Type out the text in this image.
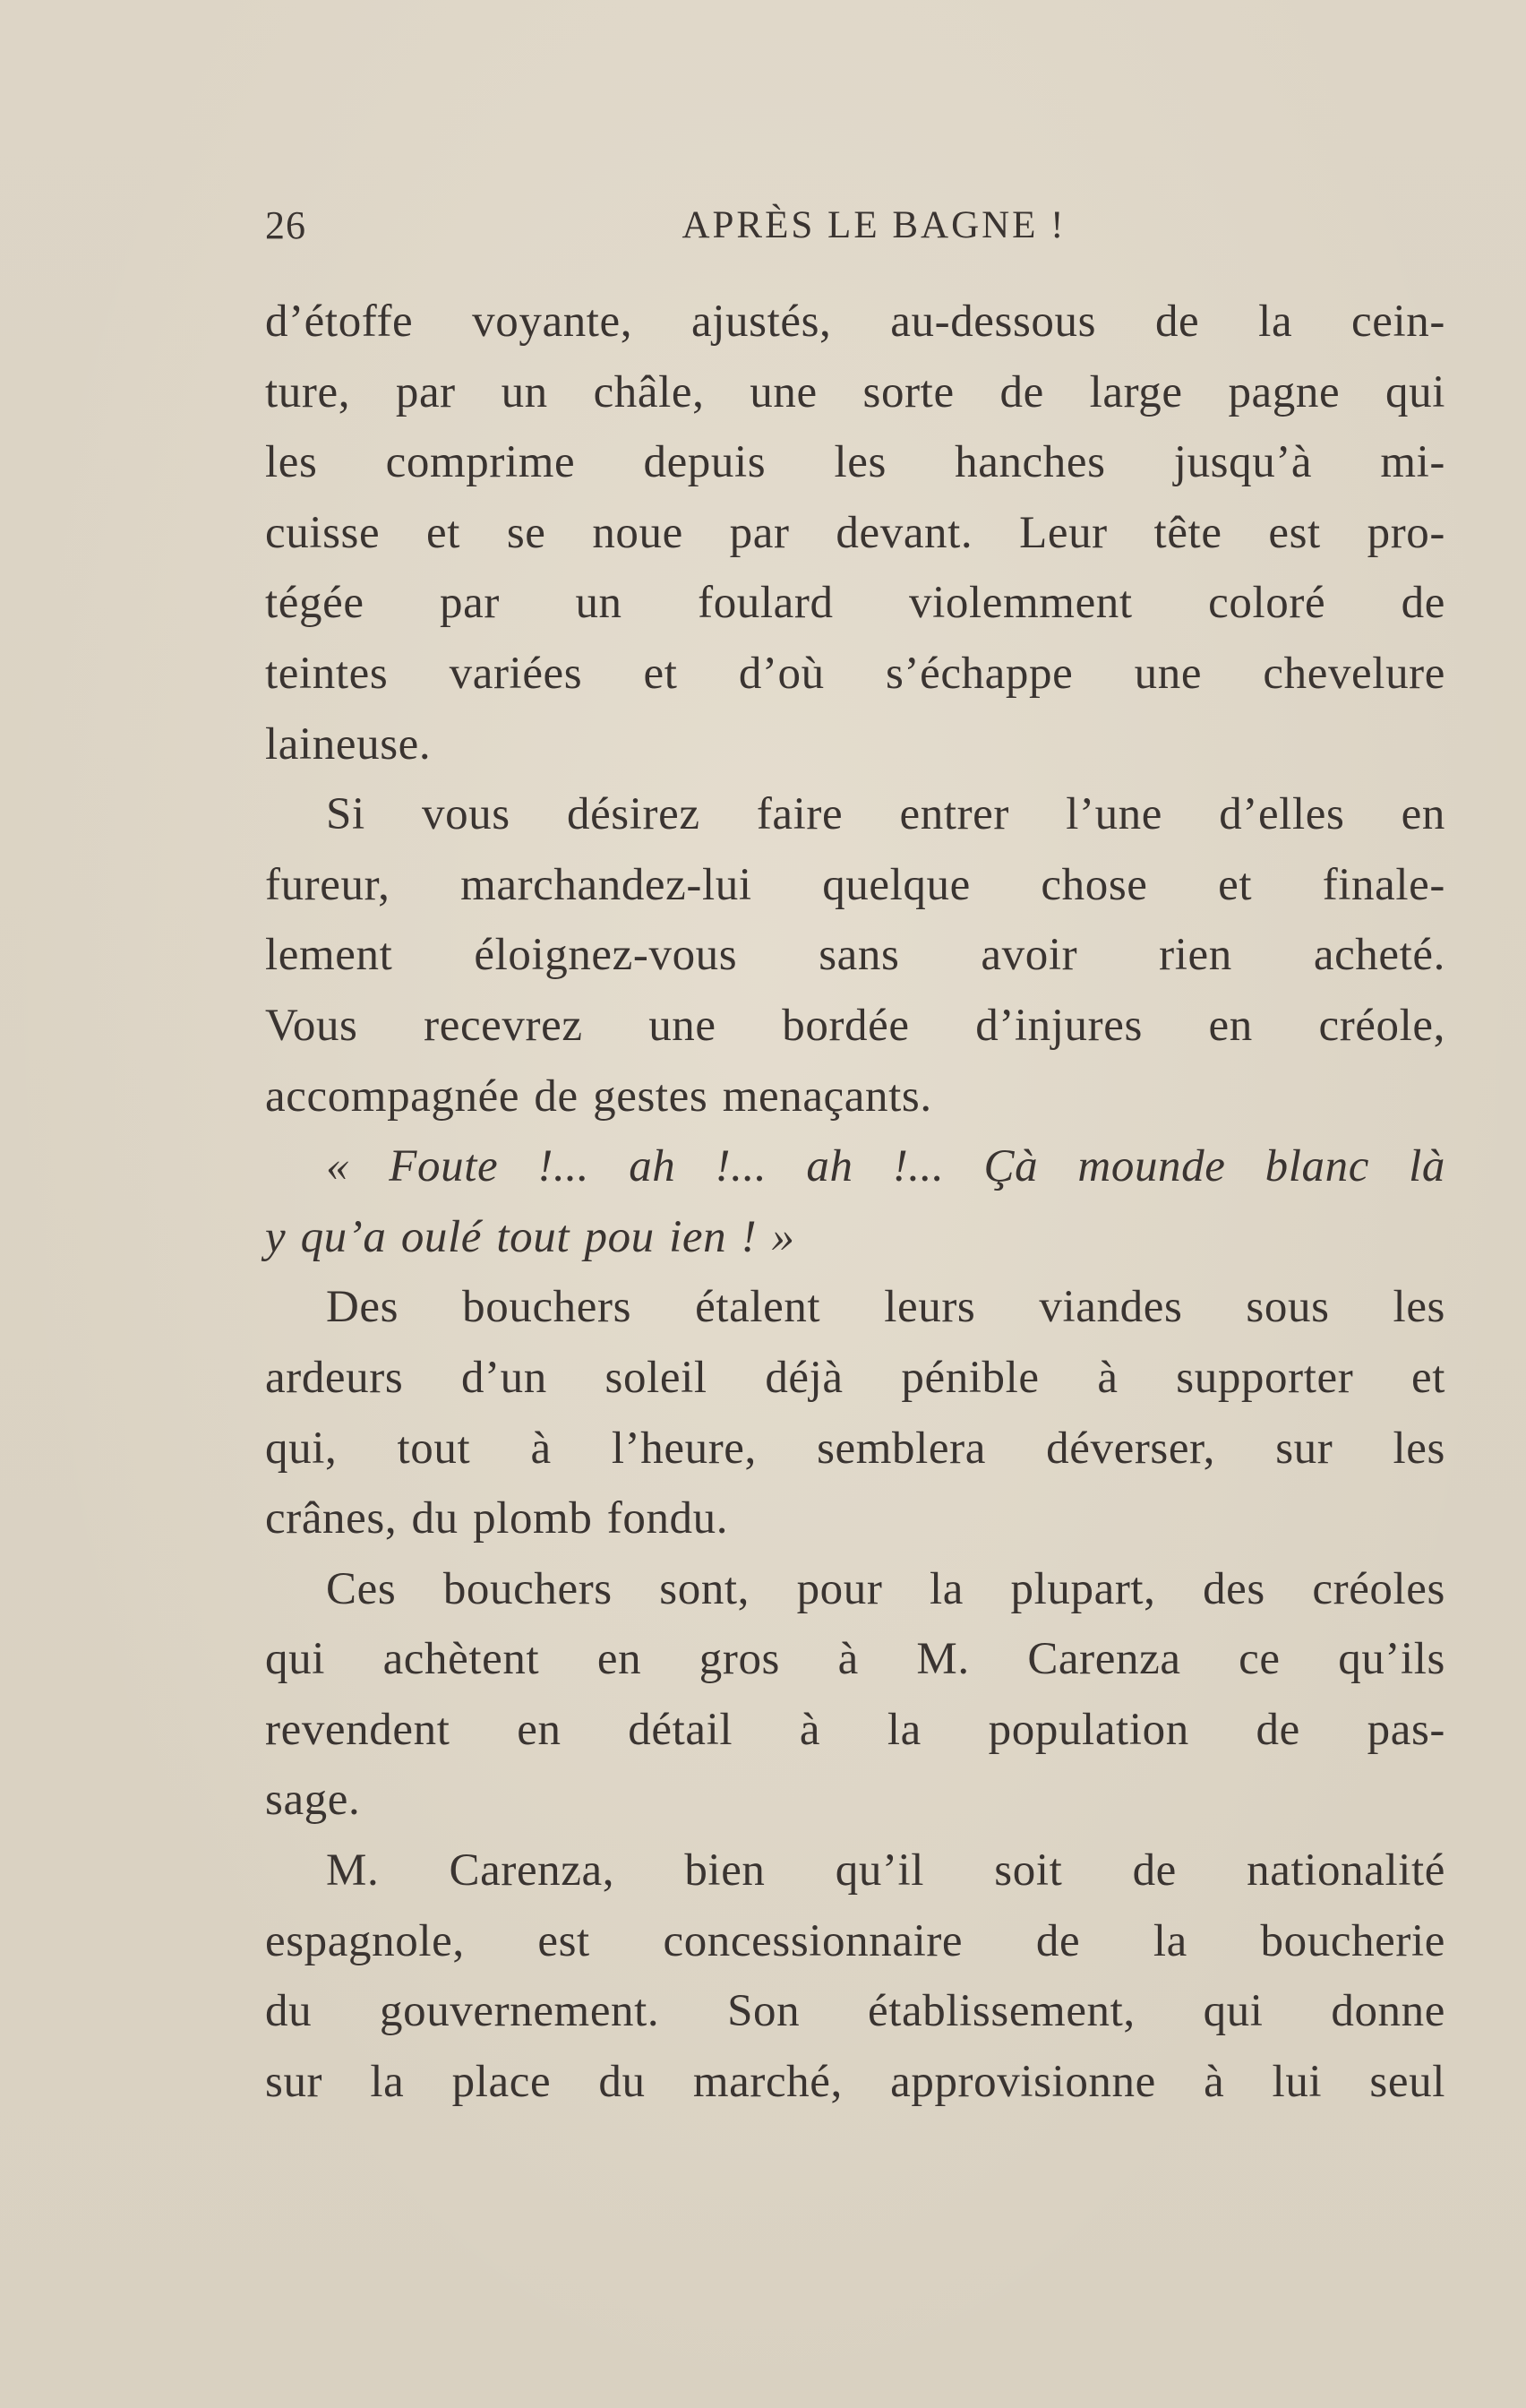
26	APRÈS LE BAGNE !
d’étoffe voyante, ajustés, au-dessous de la cein-
ture, par un châle, une sorte de large pagne qui
les comprime depuis les hanches jusqu’à mi-
cuisse et se noue par devant. Leur tête est pro-
tégée par un foulard violemment coloré de
teintes variées et d’où s’échappe une chevelure
laineuse.
Si vous désirez faire entrer l’une d’elles en
fureur, marchandez-lui quelque chose et finale-
lement éloignez-vous sans avoir rien acheté.
Vous recevrez une bordée d’injures en créole,
accompagnée de gestes menaçants.
« Foute !... ah !... ah !... Çà mounde blanc là
y qu’a oulé tout pou ien ! »
Des bouchers étalent leurs viandes sous les
ardeurs d’un soleil déjà pénible à supporter et
qui, tout à l’heure, semblera déverser, sur les
crânes, du plomb fondu.
Ces bouchers sont, pour la plupart, des créoles
qui achètent en gros à M. Carenza ce qu’ils
revendent en détail à la population de pas-
sage.
M. Carenza, bien qu’il soit de nationalité
espagnole, est concessionnaire de la boucherie
du gouvernement. Son établissement, qui donne
sur la place du marché, approvisionne à lui seul
